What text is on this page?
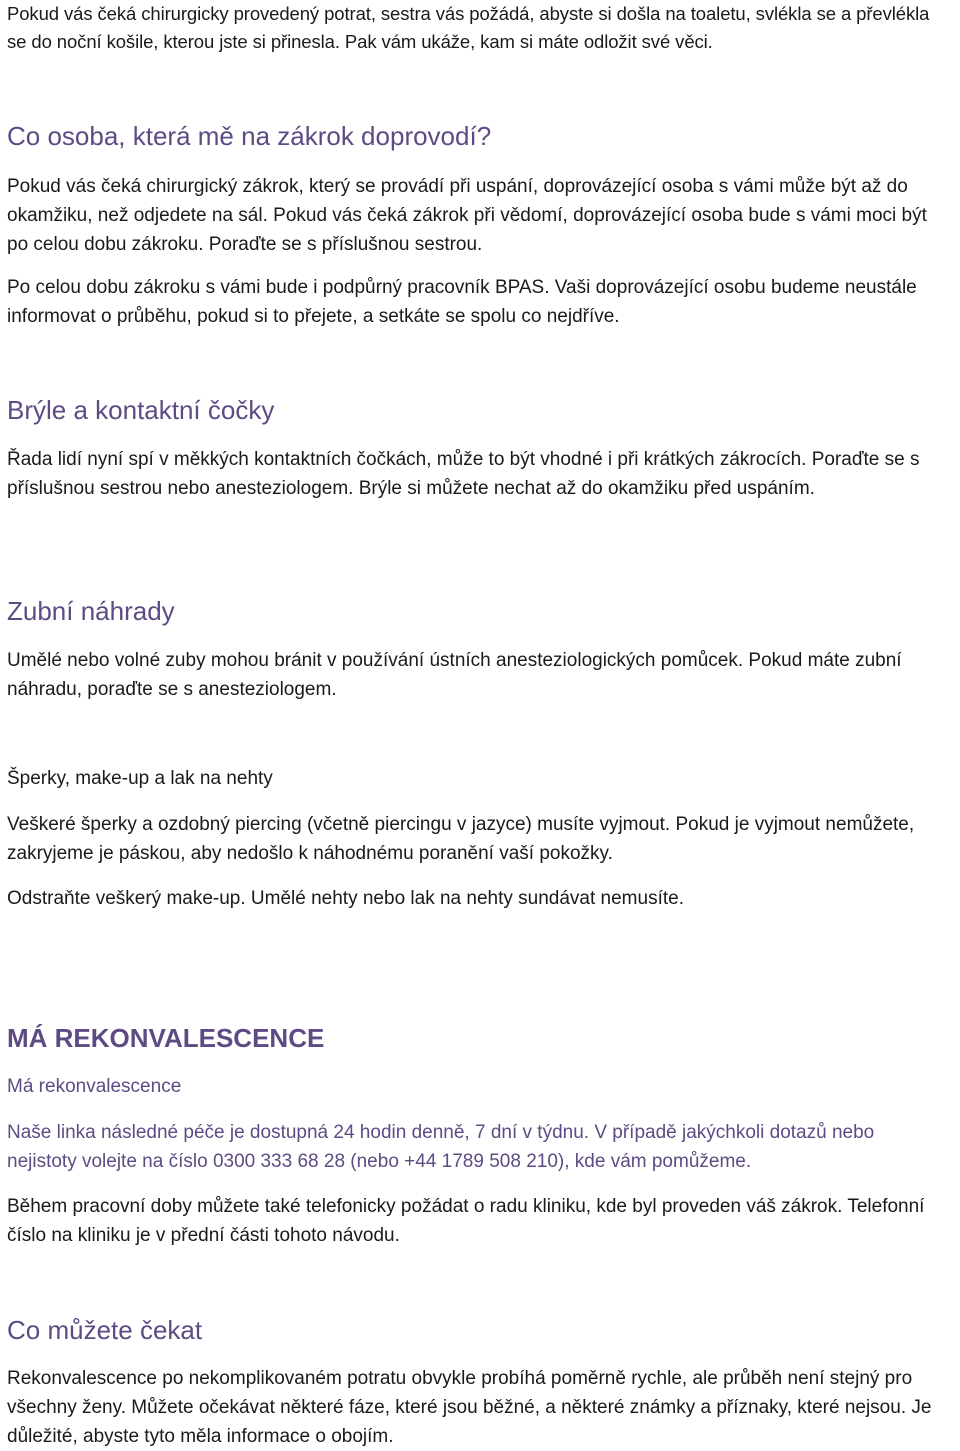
Pokud vás čeká chirurgicky provedený potrat, sestra vás požádá, abyste si došla na toaletu, svlékla se a převlékla se do noční košile, kterou jste si přinesla. Pak vám ukáže, kam si máte odložit své věci.

Co osoba, která mě na zákrok doprovodí?

Pokud vás čeká chirurgický zákrok, který se provádí při uspání, doprovázející osoba s vámi může být až do okamžiku, než odjedete na sál. Pokud vás čeká zákrok při vědomí, doprovázející osoba bude s vámi moci být po celou dobu zákroku. Poraďte se s příslušnou sestrou.

Po celou dobu zákroku s vámi bude i podpůrný pracovník BPAS. Vaši doprovázející osobu budeme neustále informovat o průběhu, pokud si to přejete, a setkáte se spolu co nejdříve.

Brýle a kontaktní čočky

Řada lidí nyní spí v měkkých kontaktních čočkách, může to být vhodné i při krátkých zákrocích. Poraďte se s příslušnou sestrou nebo anesteziologem. Brýle si můžete nechat až do okamžiku před uspáním.

Zubní náhrady

Umělé nebo volné zuby mohou bránit v používání ústních anesteziologických pomůcek. Pokud máte zubní náhradu, poraďte se s anesteziologem.

Šperky, make-up a lak na nehty

Veškeré šperky a ozdobný piercing (včetně piercingu v jazyce) musíte vyjmout. Pokud je vyjmout nemůžete, zakryjeme je páskou, aby nedošlo k náhodnému poranění vaší pokožky.

Odstraňte veškerý make-up. Umělé nehty nebo lak na nehty sundávat nemusíte.

MÁ REKONVALESCENCE

Má rekonvalescence

Naše linka následné péče je dostupná 24 hodin denně, 7 dní v týdnu. V případě jakýchkoli dotazů nebo nejistoty volejte na číslo 0300 333 68 28 (nebo +44 1789 508 210), kde vám pomůžeme.

Během pracovní doby můžete také telefonicky požádat o radu kliniku, kde byl proveden váš zákrok. Telefonní číslo na kliniku je v přední části tohoto návodu.

Co můžete čekat

Rekonvalescence po nekomplikovaném potratu obvykle probíhá poměrně rychle, ale průběh není stejný pro všechny ženy. Můžete očekávat některé fáze, které jsou běžné, a některé známky a příznaky, které nejsou. Je důležité, abyste tyto měla informace o obojím.
